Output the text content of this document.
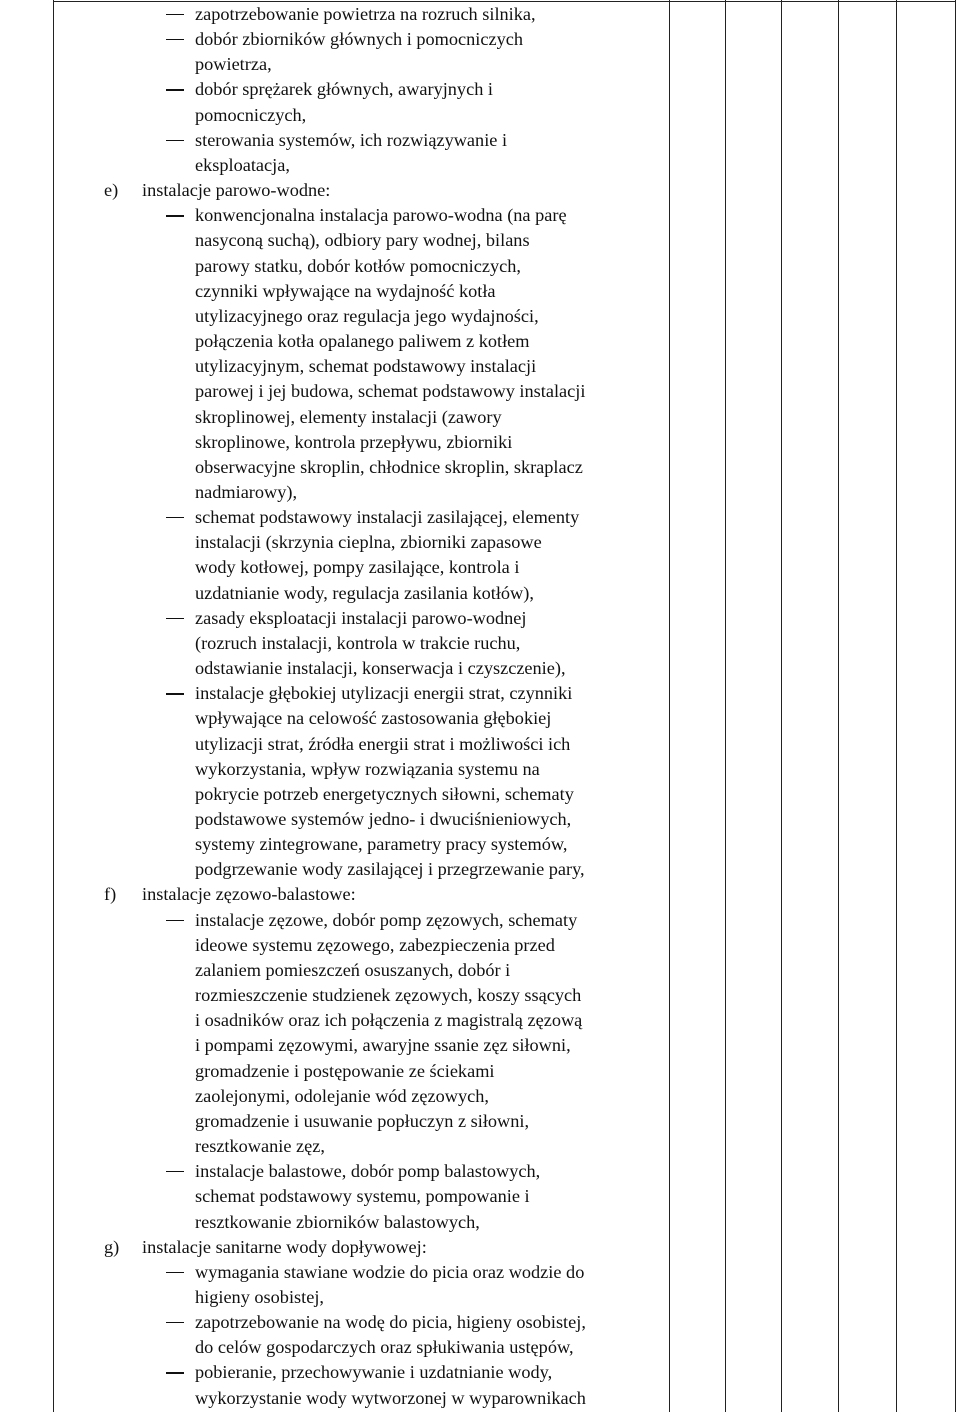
zapotrzebowanie powietrza na rozruch silnika,
dobór zbiorników głównych i pomocniczych
powietrza,
dobór sprężarek głównych, awaryjnych i
pomocniczych,
sterowania systemów, ich rozwiązywanie i
eksploatacja,
e) instalacje parowo-wodne:
konwencjonalna instalacja parowo-wodna (na parę
nasyconą suchą), odbiory pary wodnej, bilans
parowy statku, dobór kotłów pomocniczych,
czynniki wpływające na wydajność kotła
utylizacyjnego oraz regulacja jego wydajności,
połączenia kotła opalanego paliwem z kotłem
utylizacyjnym, schemat podstawowy instalacji
parowej i jej budowa, schemat podstawowy instalacji
skroplinowej, elementy instalacji (zawory
skroplinowe, kontrola przepływu, zbiorniki
obserwacyjne skroplin, chłodnice skroplin, skraplacz
nadmiarowy),
schemat podstawowy instalacji zasilającej, elementy
instalacji (skrzynia cieplna, zbiorniki zapasowe
wody kotłowej, pompy zasilające, kontrola i
uzdatnianie wody, regulacja zasilania kotłów),
zasady eksploatacji instalacji parowo-wodnej
(rozruch instalacji, kontrola w trakcie ruchu,
odstawianie instalacji, konserwacja i czyszczenie),
instalacje głębokiej utylizacji energii strat, czynniki
wpływające na celowość zastosowania głębokiej
utylizacji strat, źródła energii strat i możliwości ich
wykorzystania, wpływ rozwiązania systemu na
pokrycie potrzeb energetycznych siłowni, schematy
podstawowe systemów jedno- i dwuciśnieniowych,
systemy zintegrowane, parametry pracy systemów,
podgrzewanie wody zasilającej i przegrzewanie pary,
f) instalacje zęzowo-balastowe:
instalacje zęzowe, dobór pomp zęzowych, schematy
ideowe systemu zęzowego, zabezpieczenia przed
zalaniem pomieszczeń osuszanych, dobór i
rozmieszczenie studzienek zęzowych, koszy ssących
i osadników oraz ich połączenia z magistralą zęzową
i pompami zęzowymi, awaryjne ssanie zęz siłowni,
gromadzenie i postępowanie ze ściekami
zaolejonymi, odolejanie wód zęzowych,
gromadzenie i usuwanie popłuczyn z siłowni,
resztkowanie zęz,
instalacje balastowe, dobór pomp balastowych,
schemat podstawowy systemu, pompowanie i
resztkowanie zbiorników balastowych,
g) instalacje sanitarne wody dopływowej:
wymagania stawiane wodzie do picia oraz wodzie do
higieny osobistej,
zapotrzebowanie na wodę do picia, higieny osobistej,
do celów gospodarczych oraz spłukiwania ustępów,
pobieranie, przechowywanie i uzdatnianie wody,
wykorzystanie wody wytworzonej w wyparownikach
